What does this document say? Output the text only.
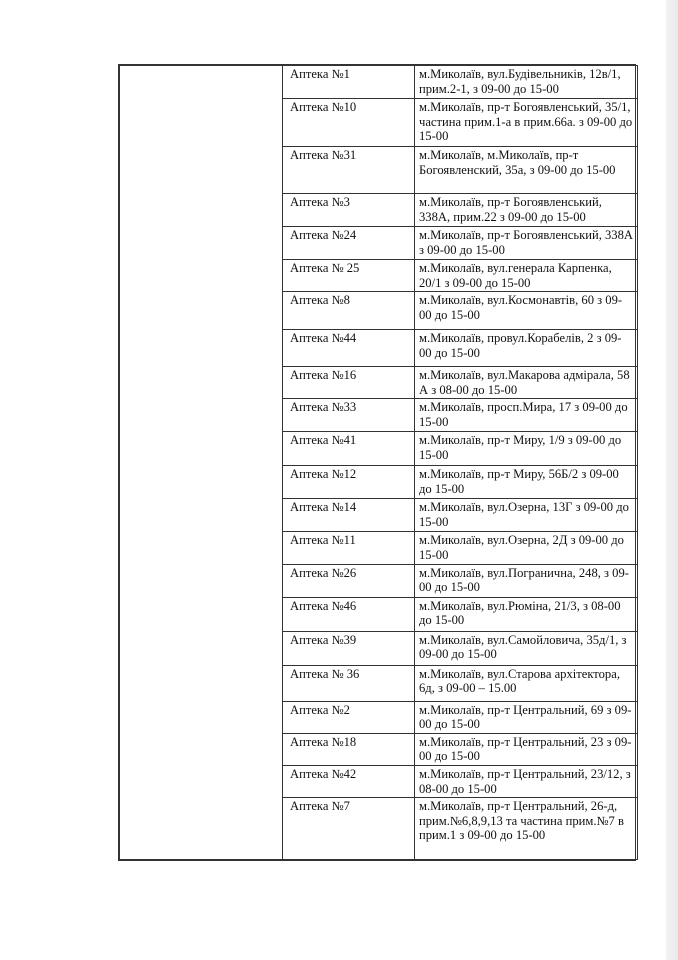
	Аптека №1	м.Миколаїв, вул.Будівельників, 12в/1, прим.2-1, з 09-00 до 15-00
	Аптека №10	м.Миколаїв, пр-т Богоявленський, 35/1, частина прим.1-а в прим.66а. з 09-00 до 15-00
	Аптека №31	м.Миколаїв, м.Миколаїв, пр-т Богоявленский, 35а, з 09-00 до 15-00
	Аптека №3	м.Миколаїв, пр-т Богоявленський, 338А, прим.22 з 09-00 до 15-00
	Аптека №24	м.Миколаїв, пр-т Богоявленський, 338А з 09-00 до 15-00
	Аптека № 25	м.Миколаїв, вул.генерала Карпенка, 20/1 з 09-00 до 15-00
	Аптека №8	м.Миколаїв, вул.Космонавтів, 60 з 09-00 до 15-00
	Аптека №44	м.Миколаїв, провул.Корабелів, 2 з 09-00 до 15-00
	Аптека №16	м.Миколаїв, вул.Макарова адмірала, 58 А з 08-00 до 15-00
	Аптека №33	м.Миколаїв, просп.Мира, 17 з 09-00 до 15-00
	Аптека №41	м.Миколаїв, пр-т Миру, 1/9 з 09-00 до 15-00
	Аптека №12	м.Миколаїв, пр-т Миру, 56Б/2 з 09-00 до 15-00
	Аптека №14	м.Миколаїв, вул.Озерна, 13Г з 09-00 до 15-00
	Аптека №11	м.Миколаїв, вул.Озерна, 2Д з 09-00 до 15-00
	Аптека №26	м.Миколаїв, вул.Погранична, 248, з 09-00 до 15-00
	Аптека №46	м.Миколаїв, вул.Рюміна, 21/3, з 08-00 до 15-00
	Аптека №39	м.Миколаїв, вул.Самойловича, 35д/1, з 09-00 до 15-00
	Аптека № 36	м.Миколаїв, вул.Старова архітектора, 6д, з 09-00 – 15.00
	Аптека №2	м.Миколаїв, пр-т Центральний, 69 з 09-00 до 15-00
	Аптека №18	м.Миколаїв, пр-т Центральний, 23 з 09-00 до 15-00
	Аптека №42	м.Миколаїв, пр-т Центральний, 23/12, з 08-00 до 15-00
	Аптека №7	м.Миколаїв, пр-т Центральний, 26-д, прим.№6,8,9,13 та частина прим.№7 в прим.1 з 09-00 до 15-00
